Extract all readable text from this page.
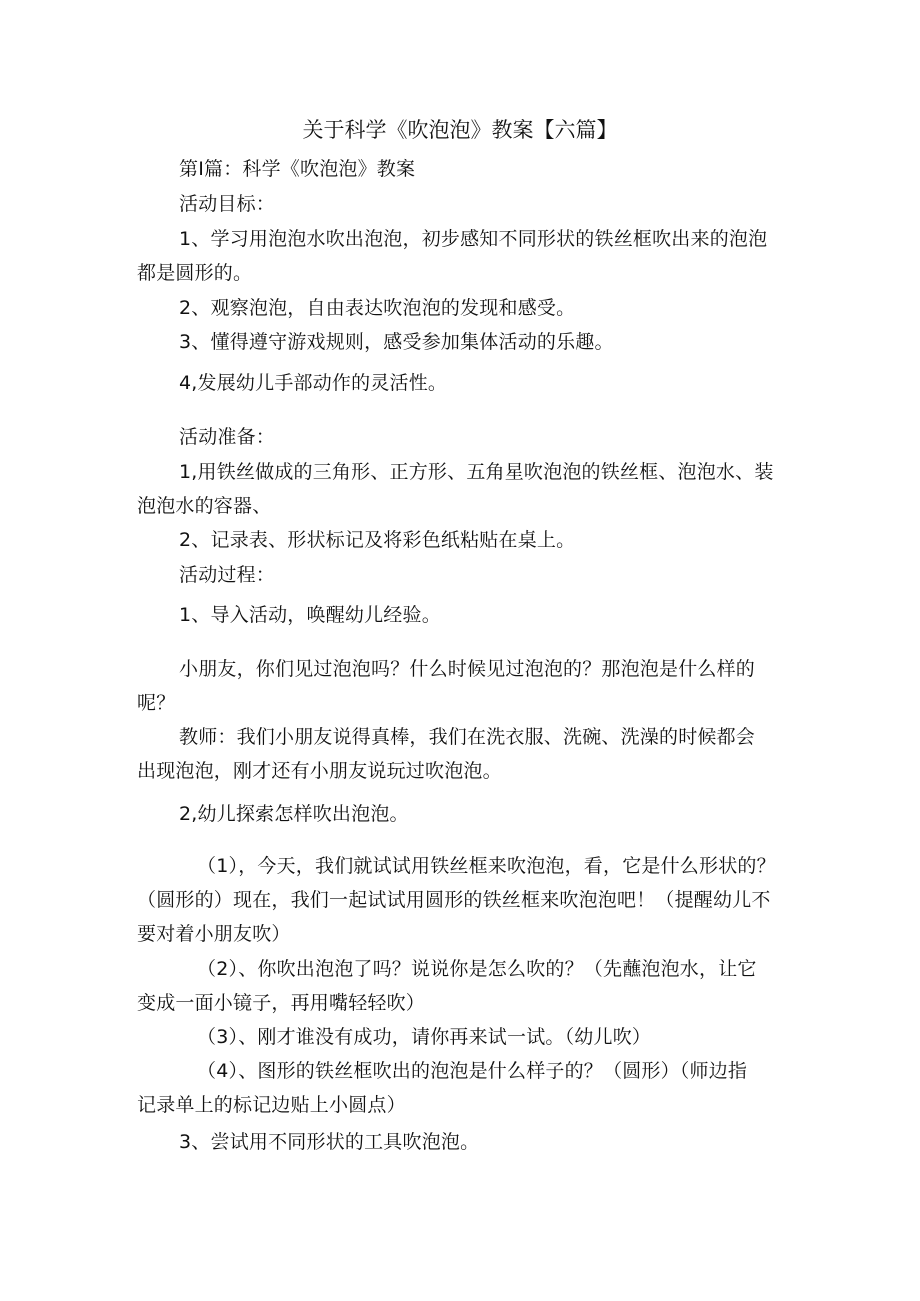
关于科学《吹泡泡》教案【六篇】
第Ⅰ篇：科学《吹泡泡》教案
活动目标：
1、学习用泡泡水吹出泡泡，初步感知不同形状的铁丝框吹出来的泡泡
都是圆形的。
2、观察泡泡，自由表达吹泡泡的发现和感受。
3、懂得遵守游戏规则，感受参加集体活动的乐趣。
4,发展幼儿手部动作的灵活性。
活动准备：
1,用铁丝做成的三角形、正方形、五角星吹泡泡的铁丝框、泡泡水、装
泡泡水的容器、
2、记录表、形状标记及将彩色纸粘贴在桌上。
活动过程：
1、导入活动，唤醒幼儿经验。
小朋友，你们见过泡泡吗？什么时候见过泡泡的？那泡泡是什么样的
呢？
教师：我们小朋友说得真棒，我们在洗衣服、洗碗、洗澡的时候都会
出现泡泡，刚才还有小朋友说玩过吹泡泡。
2,幼儿探索怎样吹出泡泡。
（1），今天，我们就试试用铁丝框来吹泡泡，看，它是什么形状的？
（圆形的）现在，我们一起试试用圆形的铁丝框来吹泡泡吧！（提醒幼儿不
要对着小朋友吹）
（2）、你吹出泡泡了吗？说说你是怎么吹的？（先蘸泡泡水，让它
变成一面小镜子，再用嘴轻轻吹）
（3）、刚才谁没有成功，请你再来试一试。（幼儿吹）
（4）、图形的铁丝框吹出的泡泡是什么样子的？（圆形）（师边指
记录单上的标记边贴上小圆点）
3、尝试用不同形状的工具吹泡泡。
